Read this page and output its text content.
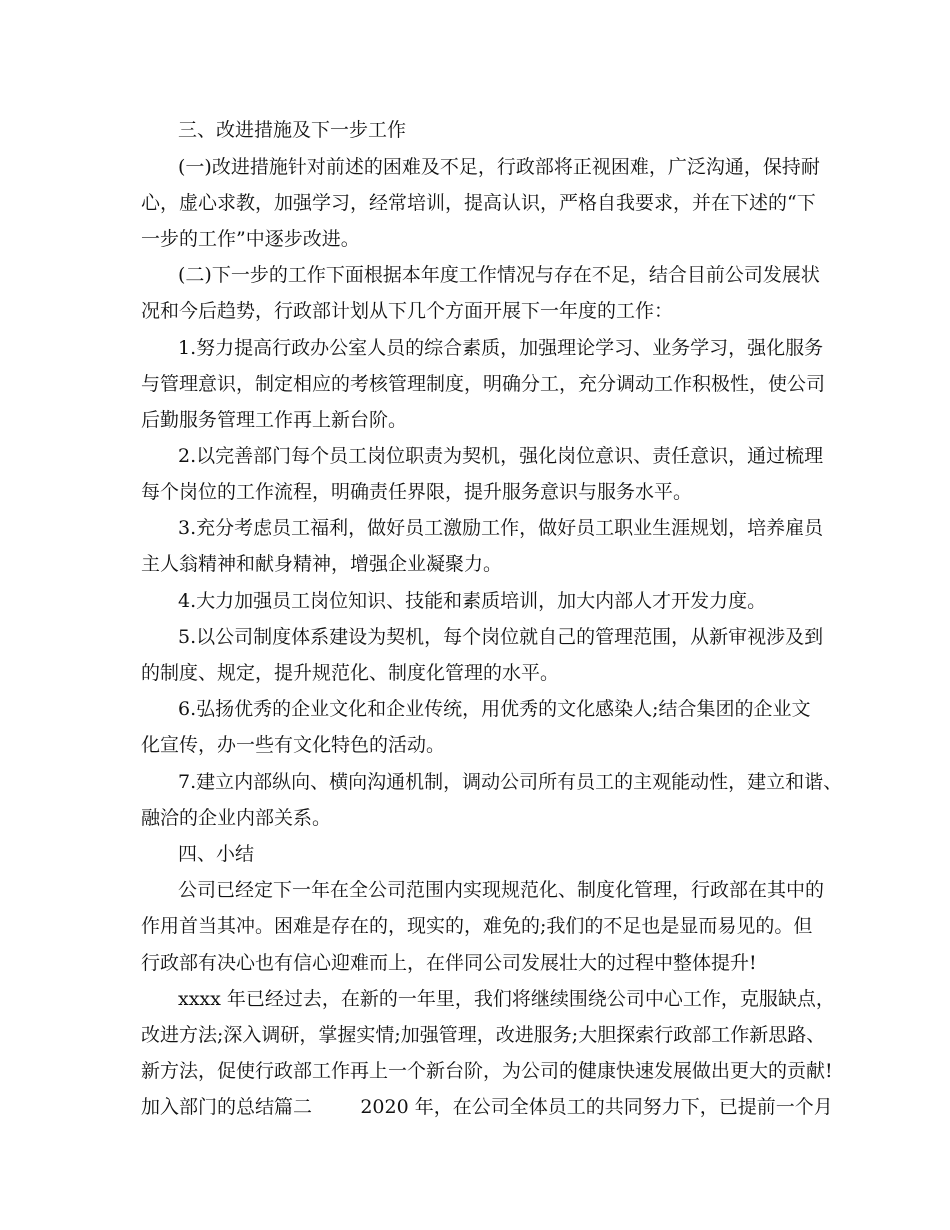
三、改进措施及下一步工作
(一)改进措施针对前述的困难及不足，行政部将正视困难，广泛沟通，保持耐
心，虚心求教，加强学习，经常培训，提高认识，严格自我要求，并在下述的“下
一步的工作”中逐步改进。
(二)下一步的工作下面根据本年度工作情况与存在不足，结合目前公司发展状
况和今后趋势，行政部计划从下几个方面开展下一年度的工作：
1.努力提高行政办公室人员的综合素质，加强理论学习、业务学习，强化服务
与管理意识，制定相应的考核管理制度，明确分工，充分调动工作积极性，使公司
后勤服务管理工作再上新台阶。
2.以完善部门每个员工岗位职责为契机，强化岗位意识、责任意识，通过梳理
每个岗位的工作流程，明确责任界限，提升服务意识与服务水平。
3.充分考虑员工福利，做好员工激励工作，做好员工职业生涯规划，培养雇员
主人翁精神和献身精神，增强企业凝聚力。
4.大力加强员工岗位知识、技能和素质培训，加大内部人才开发力度。
5.以公司制度体系建设为契机，每个岗位就自己的管理范围，从新审视涉及到
的制度、规定，提升规范化、制度化管理的水平。
6.弘扬优秀的企业文化和企业传统，用优秀的文化感染人;结合集团的企业文
化宣传，办一些有文化特色的活动。
7.建立内部纵向、横向沟通机制，调动公司所有员工的主观能动性，建立和谐、
融洽的企业内部关系。
四、小结
公司已经定下一年在全公司范围内实现规范化、制度化管理，行政部在其中的
作用首当其冲。困难是存在的，现实的，难免的;我们的不足也是显而易见的。但
行政部有决心也有信心迎难而上，在伴同公司发展壮大的过程中整体提升!
xxxx 年已经过去，在新的一年里，我们将继续围绕公司中心工作，克服缺点，
改进方法;深入调研，掌握实情;加强管理，改进服务;大胆探索行政部工作新思路、
新方法，促使行政部工作再上一个新台阶，为公司的健康快速发展做出更大的贡献!
加入部门的总结篇二        2020 年，在公司全体员工的共同努力下，已提前一个月
